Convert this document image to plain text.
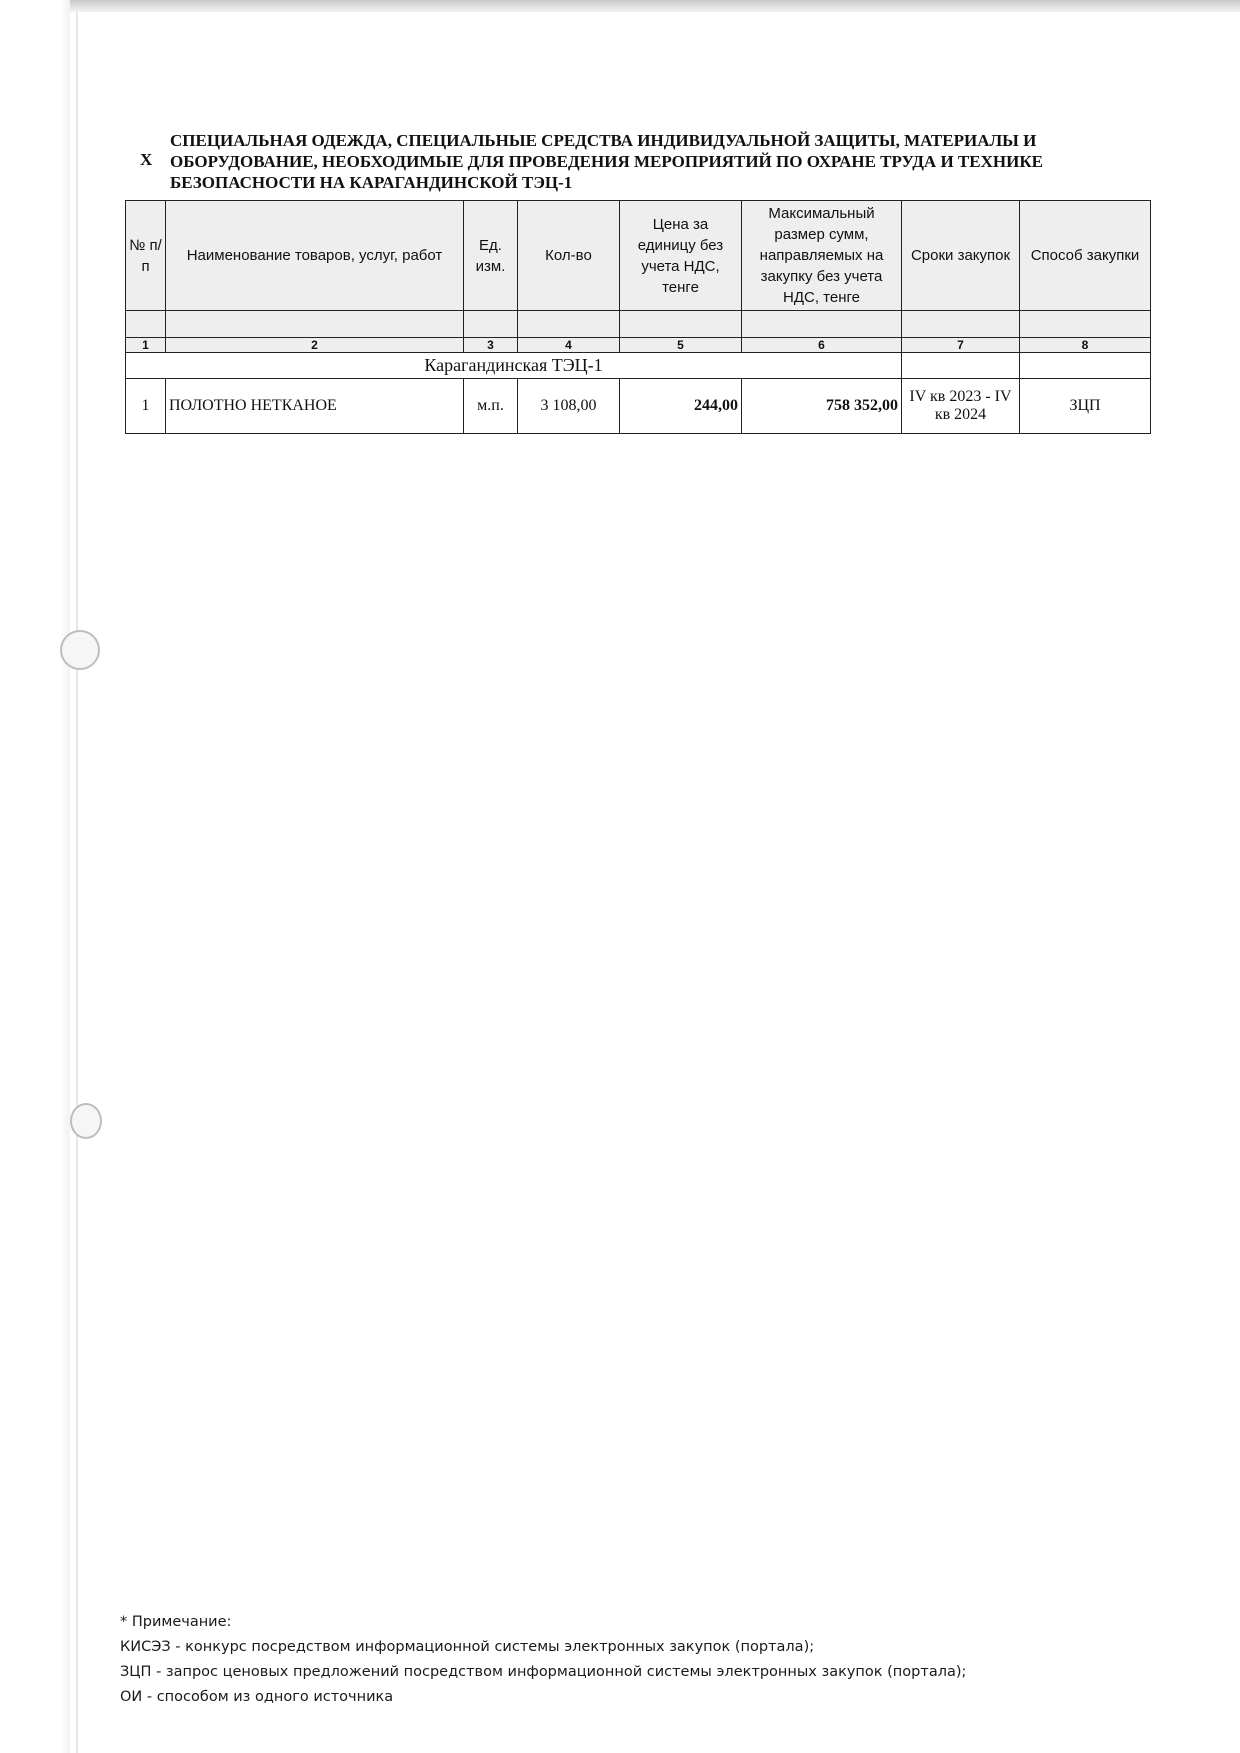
X
СПЕЦИАЛЬНАЯ ОДЕЖДА, СПЕЦИАЛЬНЫЕ СРЕДСТВА ИНДИВИДУАЛЬНОЙ ЗАЩИТЫ, МАТЕРИАЛЫ И ОБОРУДОВАНИЕ, НЕОБХОДИМЫЕ ДЛЯ ПРОВЕДЕНИЯ МЕРОПРИЯТИЙ ПО ОХРАНЕ ТРУДА И ТЕХНИКЕ БЕЗОПАСНОСТИ НА КАРАГАНДИНСКОЙ ТЭЦ-1
№ п/п	Наименование товаров, услуг, работ	Ед. изм.	Кол-во	Цена за единицу без учета НДС, тенге	Максимальный размер сумм, направляемых на закупку без учета НДС, тенге	Сроки закупок	Способ закупки

1	2	3	4	5	6	7	8
Карагандинская ТЭЦ-1							
1	ПОЛОТНО НЕТКАНОЕ	м.п.	3 108,00	244,00	758 352,00	IV кв 2023 - IV кв 2024	ЗЦП
* Примечание:
КИСЭЗ - конкурс посредством информационной системы электронных закупок (портала);
ЗЦП - запрос ценовых предложений посредством информационной системы электронных закупок (портала);
ОИ - способом из одного источника
